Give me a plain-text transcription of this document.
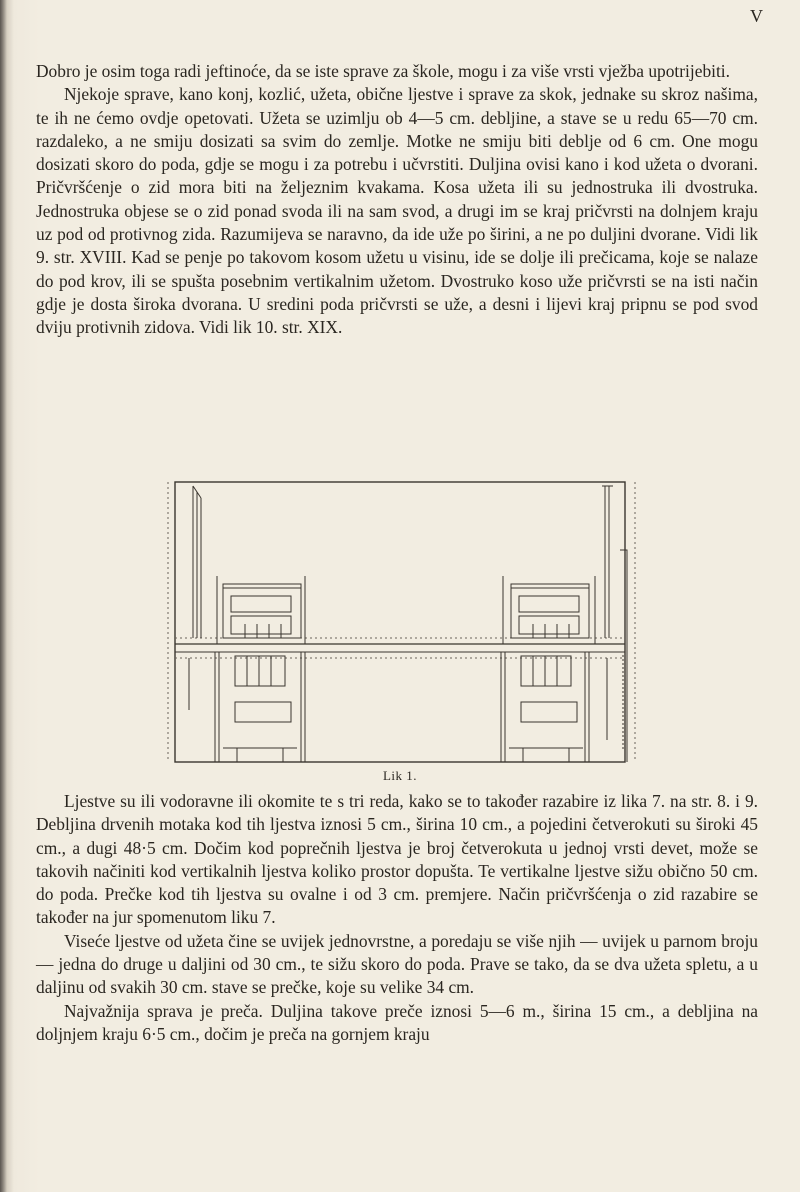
V

Dobro je osim toga radi jeftinoće, da se iste sprave za škole, mogu i za više vrsti vježba upotrijebiti.

Njekoje sprave, kano konj, kozlić, užeta, obične ljestve i sprave za skok, jednake su skroz našima, te ih ne ćemo ovdje opetovati. Užeta se uzimlju ob 4—5 cm. debljine, a stave se u redu 65—70 cm. razdaleko, a ne smiju dosizati sa svim do zemlje. Motke ne smiju biti deblje od 6 cm. One mogu dosizati skoro do poda, gdje se mogu i za potrebu i učvrstiti. Duljina ovisi kano i kod užeta o dvorani. Pričvršćenje o zid mora biti na željeznim kvakama. Kosa užeta ili su jednostruka ili dvostruka. Jednostruka objese se o zid ponad svoda ili na sam svod, a drugi im se kraj pričvrsti na dolnjem kraju uz pod od protivnog zida. Razumijeva se naravno, da ide uže po širini, a ne po duljini dvorane. Vidi lik 9. str. XVIII. Kad se penje po takovom kosom užetu u visinu, ide se dolje ili prečicama, koje se nalaze do pod krov, ili se spušta posebnim vertikalnim užetom. Dvostruko koso uže pričvrsti se na isti način gdje je dosta široka dvorana. U sredini poda pričvrsti se uže, a desni i lijevi kraj pripnu se pod svod dviju protivnih zidova. Vidi lik 10. str. XIX.

Lik 1.

Ljestve su ili vodoravne ili okomite te s tri reda, kako se to također razabire iz lika 7. na str. 8. i 9. Debljina drvenih motaka kod tih ljestva iznosi 5 cm., širina 10 cm., a pojedini četverokuti su široki 45 cm., a dugi 48·5 cm. Dočim kod poprečnih ljestva je broj četverokuta u jednoj vrsti devet, može se takovih načiniti kod vertikalnih ljestva koliko prostor dopušta. Te vertikalne ljestve sižu obično 50 cm. do poda. Prečke kod tih ljestva su ovalne i od 3 cm. premjere. Način pričvršćenja o zid razabire se također na jur spomenutom liku 7.

Viseće ljestve od užeta čine se uvijek jednovrstne, a poredaju se više njih — uvijek u parnom broju — jedna do druge u daljini od 30 cm., te sižu skoro do poda. Prave se tako, da se dva užeta spletu, a u daljinu od svakih 30 cm. stave se prečke, koje su velike 34 cm.

Najvažnija sprava je preča. Duljina takove preče iznosi 5—6 m., širina 15 cm., a debljina na doljnjem kraju 6·5 cm., dočim je preča na gornjem kraju
